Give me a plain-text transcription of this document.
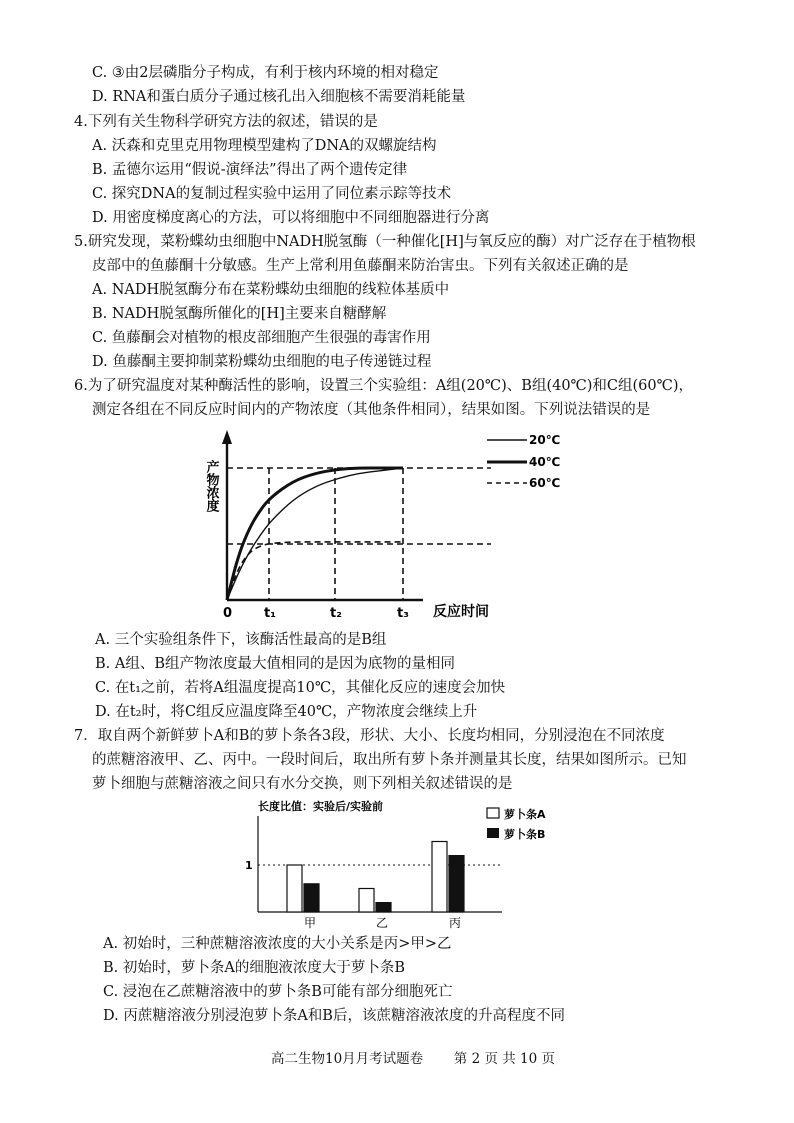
C. ③由2层磷脂分子构成，有利于核内环境的相对稳定
D. RNA和蛋白质分子通过核孔出入细胞核不需要消耗能量
4.下列有关生物科学研究方法的叙述，错误的是
A. 沃森和克里克用物理模型建构了DNA的双螺旋结构
B. 孟德尔运用“假说-演绎法”得出了两个遗传定律
C. 探究DNA的复制过程实验中运用了同位素示踪等技术
D. 用密度梯度离心的方法，可以将细胞中不同细胞器进行分离
5.研究发现，菜粉蝶幼虫细胞中NADH脱氢酶（一种催化[H]与氧反应的酶）对广泛存在于植物根
皮部中的鱼藤酮十分敏感。生产上常利用鱼藤酮来防治害虫。下列有关叙述正确的是
A. NADH脱氢酶分布在菜粉蝶幼虫细胞的线粒体基质中
B. NADH脱氢酶所催化的[H]主要来自糖酵解
C. 鱼藤酮会对植物的根皮部细胞产生很强的毒害作用
D. 鱼藤酮主要抑制菜粉蝶幼虫细胞的电子传递链过程
6.为了研究温度对某种酶活性的影响，设置三个实验组：A组(20℃)、B组(40℃)和C组(60℃)，
测定各组在不同反应时间内的产物浓度（其他条件相同），结果如图。下列说法错误的是
产物浓度
0 t₁	t₂	t₃ 反应时间
20℃
40℃
60℃
A. 三个实验组条件下，该酶活性最高的是B组
B. A组、B组产物浓度最大值相同的是因为底物的量相同
C. 在t₁之前，若将A组温度提高10℃，其催化反应的速度会加快
D. 在t₂时，将C组反应温度降至40℃，产物浓度会继续上升
7．取自两个新鲜萝卜A和B的萝卜条各3段，形状、大小、长度均相同，分别浸泡在不同浓度
的蔗糖溶液甲、乙、丙中。一段时间后，取出所有萝卜条并测量其长度，结果如图所示。已知
萝卜细胞与蔗糖溶液之间只有水分交换，则下列相关叙述错误的是
长度比值：实验后/实验前
1
甲	乙	丙
萝卜条A
萝卜条B
A. 初始时，三种蔗糖溶液浓度的大小关系是丙>甲>乙
B. 初始时，萝卜条A的细胞液浓度大于萝卜条B
C. 浸泡在乙蔗糖溶液中的萝卜条B可能有部分细胞死亡
D. 丙蔗糖溶液分别浸泡萝卜条A和B后，该蔗糖溶液浓度的升高程度不同
高二生物10月月考试题卷 第 2 页 共 10 页
